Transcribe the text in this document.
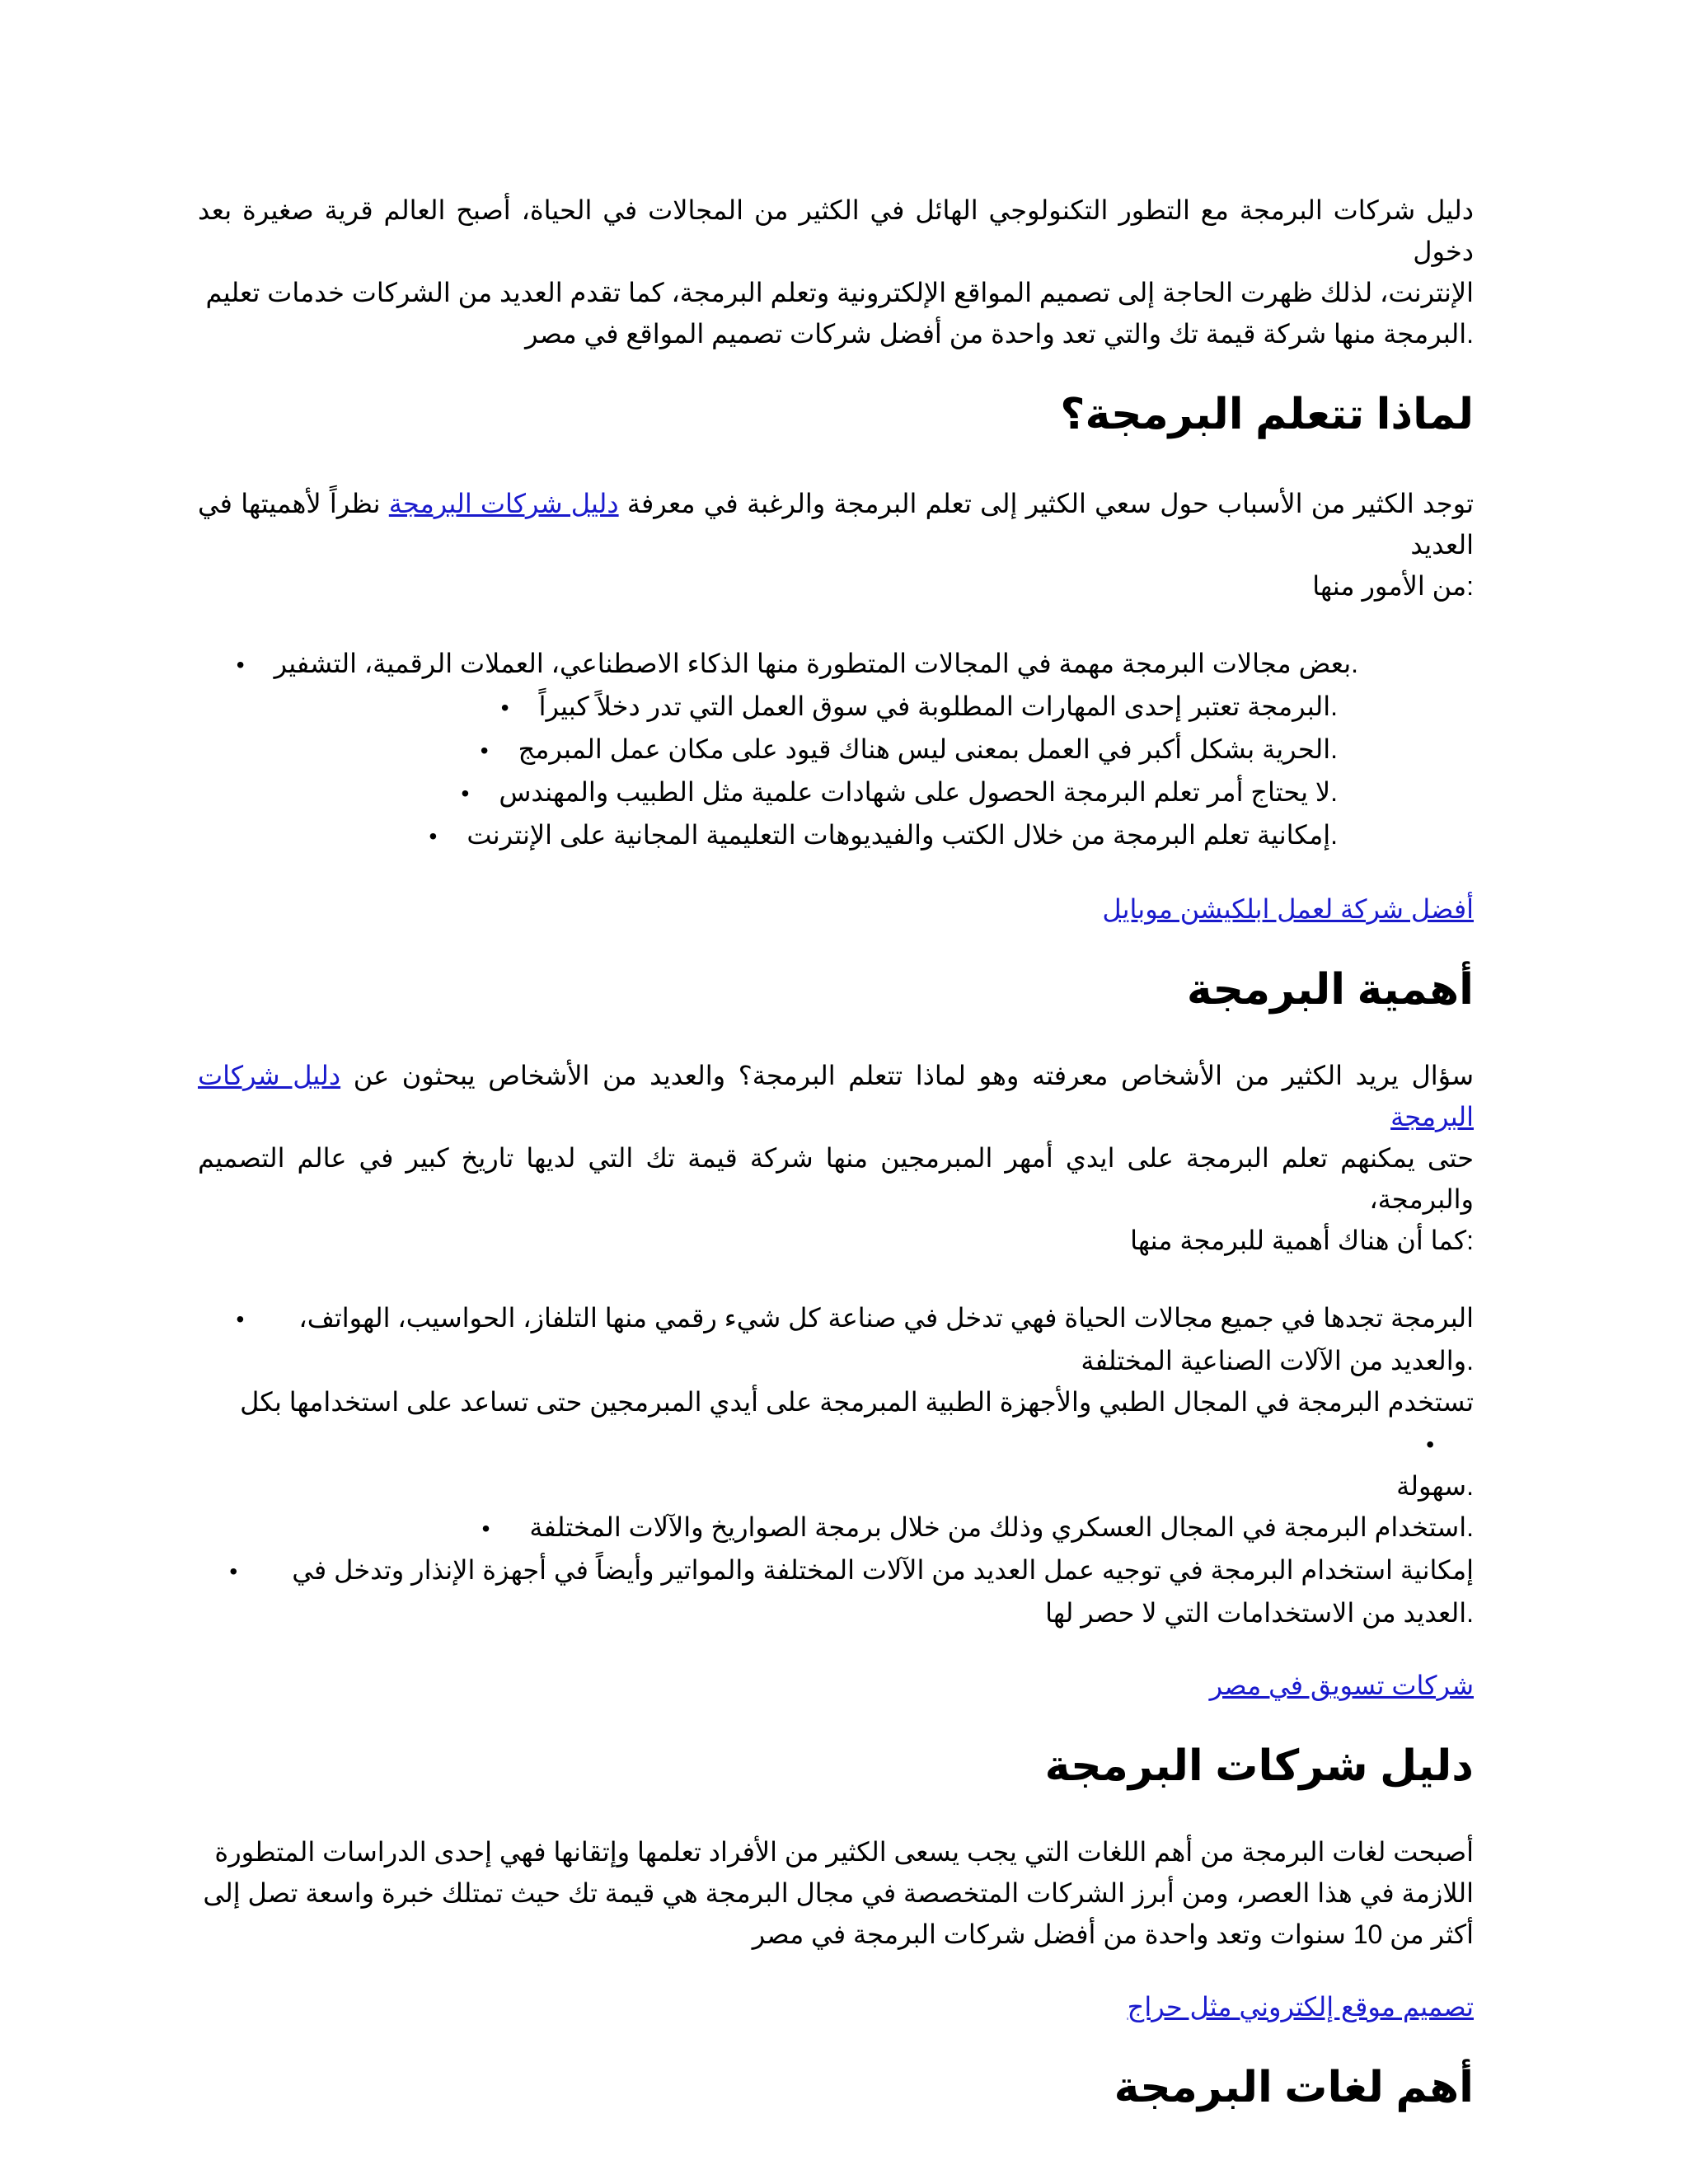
دليل شركات البرمجة مع التطور التكنولوجي الهائل في الكثير من المجالات في الحياة، أصبح العالم قرية صغيرة بعد دخول
الإنترنت، لذلك ظهرت الحاجة إلى تصميم المواقع الإلكترونية وتعلم البرمجة، كما تقدم العديد من الشركات خدمات تعليم
.البرمجة منها شركة قيمة تك والتي تعد واحدة من أفضل شركات تصميم المواقع في مصر
لماذا تتعلم البرمجة؟
توجد الكثير من الأسباب حول سعي الكثير إلى تعلم البرمجة والرغبة في معرفة دليل شركات البرمجة نظراً لأهميتها في العديد
:من الأمور منها
.بعض مجالات البرمجة مهمة في المجالات المتطورة منها الذكاء الاصطناعي، العملات الرقمية، التشفير•
.البرمجة تعتبر إحدى المهارات المطلوبة في سوق العمل التي تدر دخلاً كبيراً•
.الحرية بشكل أكبر في العمل بمعنى ليس هناك قيود على مكان عمل المبرمج•
.لا يحتاج أمر تعلم البرمجة الحصول على شهادات علمية مثل الطبيب والمهندس•
.إمكانية تعلم البرمجة من خلال الكتب والفيديوهات التعليمية المجانية على الإنترنت•

أفضل شركة لعمل ابلكيشن موبايل

أهمية البرمجة
سؤال يريد الكثير من الأشخاص معرفته وهو لماذا تتعلم البرمجة؟ والعديد من الأشخاص يبحثون عن دليل شركات البرمجة
حتى يمكنهم تعلم البرمجة على ايدي أمهر المبرمجين منها شركة قيمة تك التي لديها تاريخ كبير في عالم التصميم والبرمجة،
:كما أن هناك أهمية للبرمجة منها
البرمجة تجدها في جميع مجالات الحياة فهي تدخل في صناعة كل شيء رقمي منها التلفاز، الحواسيب، الهواتف،•
.والعديد من الآلات الصناعية المختلفة
تستخدم البرمجة في المجال الطبي والأجهزة الطبية المبرمجة على أيدي المبرمجين حتى تساعد على استخدامها بكل•
.سهولة
.استخدام البرمجة في المجال العسكري وذلك من خلال برمجة الصواريخ والآلات المختلفة•
إمكانية استخدام البرمجة في توجيه عمل العديد من الآلات المختلفة والمواتير وأيضاً في أجهزة الإنذار وتدخل في•
.العديد من الاستخدامات التي لا حصر لها

شركات تسويق في مصر

دليل شركات البرمجة
أصبحت لغات البرمجة من أهم اللغات التي يجب يسعى الكثير من الأفراد تعلمها وإتقانها فهي إحدى الدراسات المتطورة
اللازمة في هذا العصر، ومن أبرز الشركات المتخصصة في مجال البرمجة هي قيمة تك حيث تمتلك خبرة واسعة تصل إلى
أكثر من 10 سنوات وتعد واحدة من أفضل شركات البرمجة في مصر

تصميم موقع إلكتروني مثل حراج

أهم لغات البرمجة
